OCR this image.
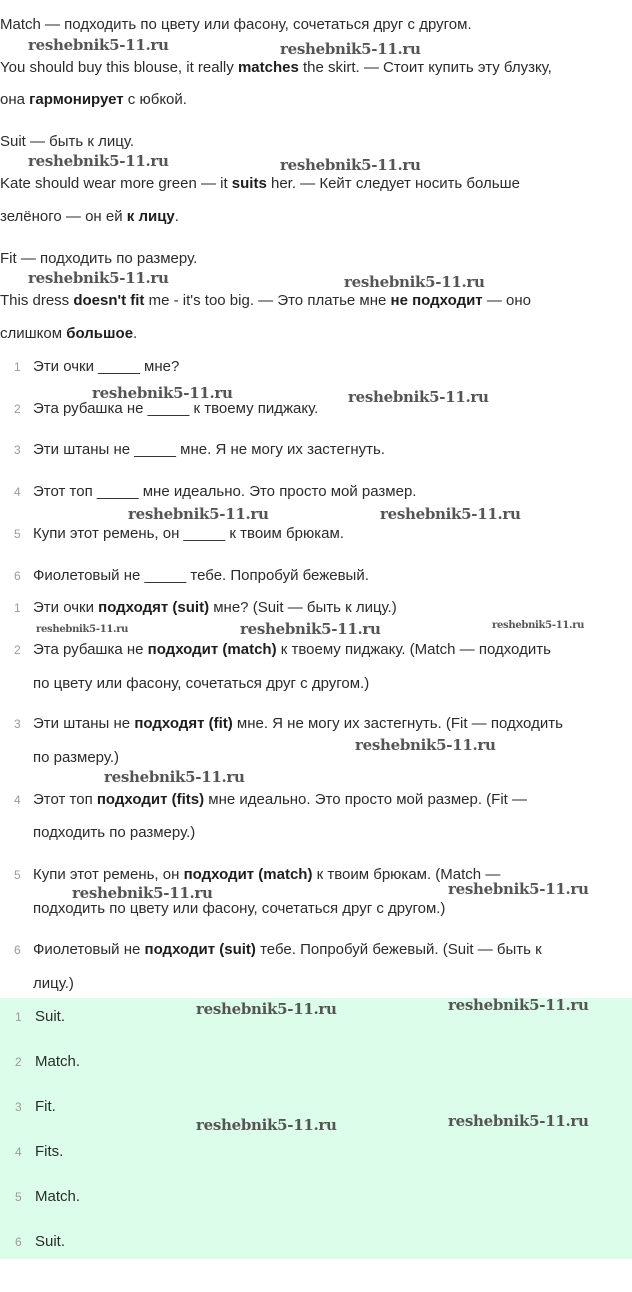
Match — подходить по цвету или фасону, сочетаться друг с другом.
You should buy this blouse, it really matches the skirt. — Стоит купить эту блузку,
она гармонирует с юбкой.
Suit — быть к лицу.
Kate should wear more green — it suits her. — Кейт следует носить больше
зелёного — он ей к лицу.
Fit — подходить по размеру.
This dress doesn't fit me - it's too big. — Это платье мне не подходит — оно
слишком большое.
1 Эти очки _____ мне?
2 Эта рубашка не _____ к твоему пиджаку.
3 Эти штаны не _____ мне. Я не могу их застегнуть.
4 Этот топ _____ мне идеально. Это просто мой размер.
5 Купи этот ремень, он _____ к твоим брюкам.
6 Фиолетовый не _____ тебе. Попробуй бежевый.
1 Эти очки подходят (suit) мне? (Suit — быть к лицу.)
2 Эта рубашка не подходит (match) к твоему пиджаку. (Match — подходить
по цвету или фасону, сочетаться друг с другом.)
3 Эти штаны не подходят (fit) мне. Я не могу их застегнуть. (Fit — подходить
по размеру.)
4 Этот топ подходит (fits) мне идеально. Это просто мой размер. (Fit —
подходить по размеру.)
5 Купи этот ремень, он подходит (match) к твоим брюкам. (Match —
подходить по цвету или фасону, сочетаться друг с другом.)
6 Фиолетовый не подходит (suit) тебе. Попробуй бежевый. (Suit — быть к
лицу.)
1 Suit.
2 Match.
3 Fit.
4 Fits.
5 Match.
6 Suit.
reshebnik5-11.ru	reshebnik5-11.ru
reshebnik5-11.ru	reshebnik5-11.ru
reshebnik5-11.ru	reshebnik5-11.ru
reshebnik5-11.ru	reshebnik5-11.ru
reshebnik5-11.ru	reshebnik5-11.ru
reshebnik5-11.ru	reshebnik5-11.ru	reshebnik5-11.ru
reshebnik5-11.ru
reshebnik5-11.ru
reshebnik5-11.ru	reshebnik5-11.ru
reshebnik5-11.ru	reshebnik5-11.ru
reshebnik5-11.ru	reshebnik5-11.ru
